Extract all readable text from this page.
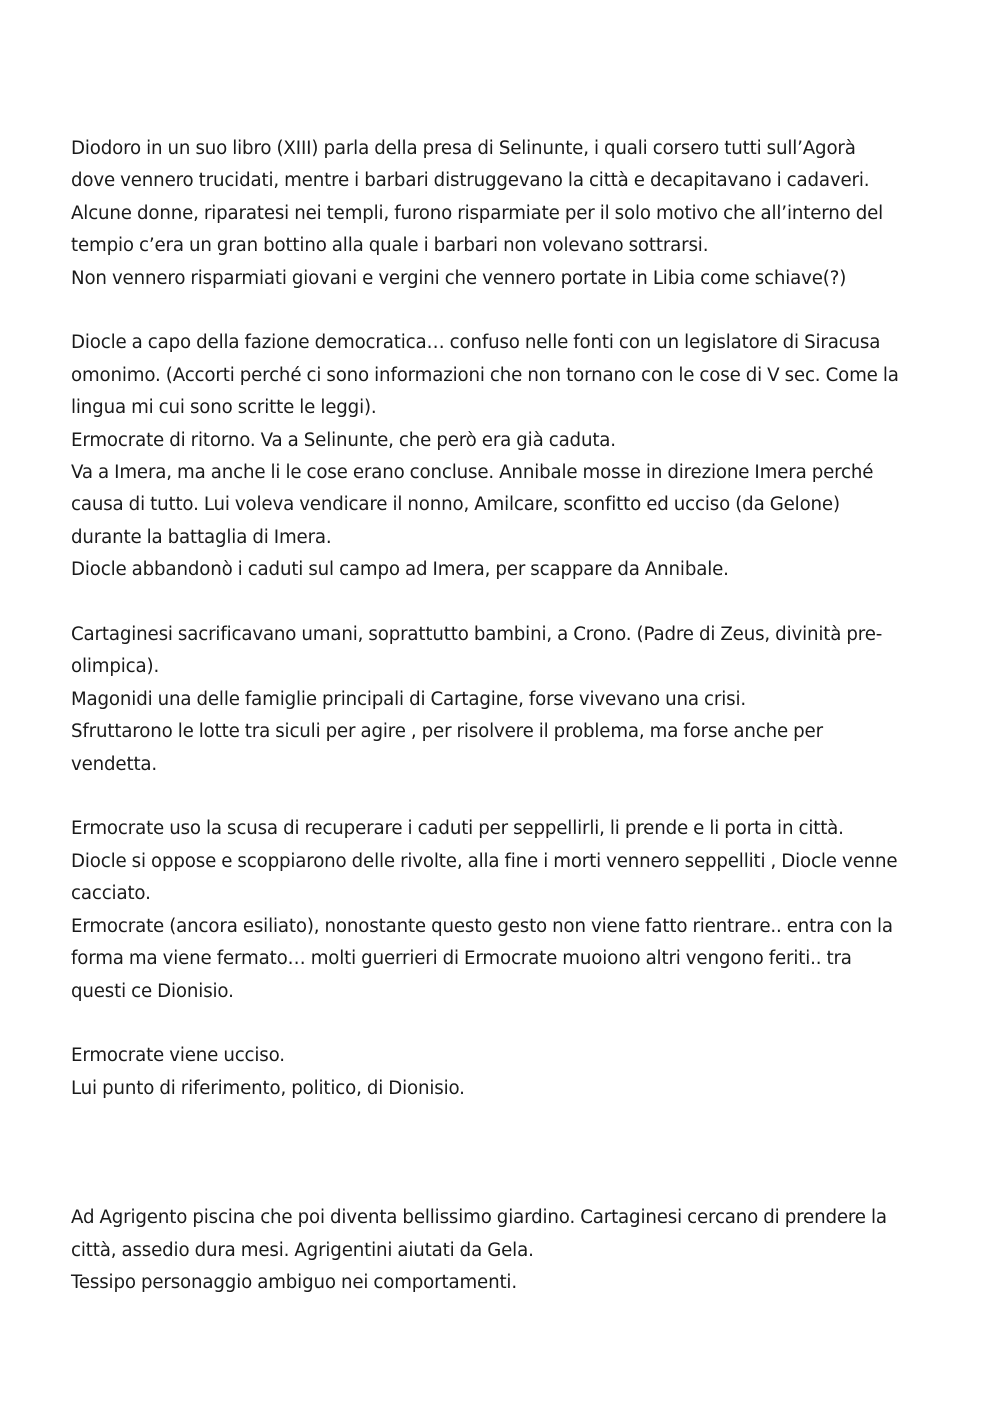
Diodoro in un suo libro (XIII) parla della presa di Selinunte, i quali corsero tutti sull’Agorà
dove vennero trucidati, mentre i barbari distruggevano la città e decapitavano i cadaveri.
Alcune donne, riparatesi nei templi, furono risparmiate per il solo motivo che all’interno del
tempio c’era un gran bottino alla quale i barbari non volevano sottrarsi.
Non vennero risparmiati giovani e vergini che vennero portate in Libia come schiave(?)
Diocle a capo della fazione democratica… confuso nelle fonti con un legislatore di Siracusa
omonimo. (Accorti perché ci sono informazioni che non tornano con le cose di V sec. Come la
lingua mi cui sono scritte le leggi).
Ermocrate di ritorno. Va a Selinunte, che però era già caduta.
Va a Imera, ma anche li le cose erano concluse. Annibale mosse in direzione Imera perché
causa di tutto. Lui voleva vendicare il nonno, Amilcare, sconfitto ed ucciso (da Gelone)
durante la battaglia di Imera.
Diocle abbandonò i caduti sul campo ad Imera, per scappare da Annibale.
Cartaginesi sacrificavano umani, soprattutto bambini, a Crono. (Padre di Zeus, divinità pre-
olimpica).
Magonidi una delle famiglie principali di Cartagine, forse vivevano una crisi.
Sfruttarono le lotte tra siculi per agire , per risolvere il problema, ma forse anche per
vendetta.
Ermocrate uso la scusa di recuperare i caduti per seppellirli, li prende e li porta in città.
Diocle si oppose e scoppiarono delle rivolte, alla fine i morti vennero seppelliti , Diocle venne
cacciato.
Ermocrate (ancora esiliato), nonostante questo gesto non viene fatto rientrare.. entra con la
forma ma viene fermato… molti guerrieri di Ermocrate muoiono altri vengono feriti.. tra
questi ce Dionisio.
Ermocrate viene ucciso.
Lui punto di riferimento, politico, di Dionisio.
Ad Agrigento piscina che poi diventa bellissimo giardino. Cartaginesi cercano di prendere la
città, assedio dura mesi. Agrigentini aiutati da Gela.
Tessipo personaggio ambiguo nei comportamenti.
